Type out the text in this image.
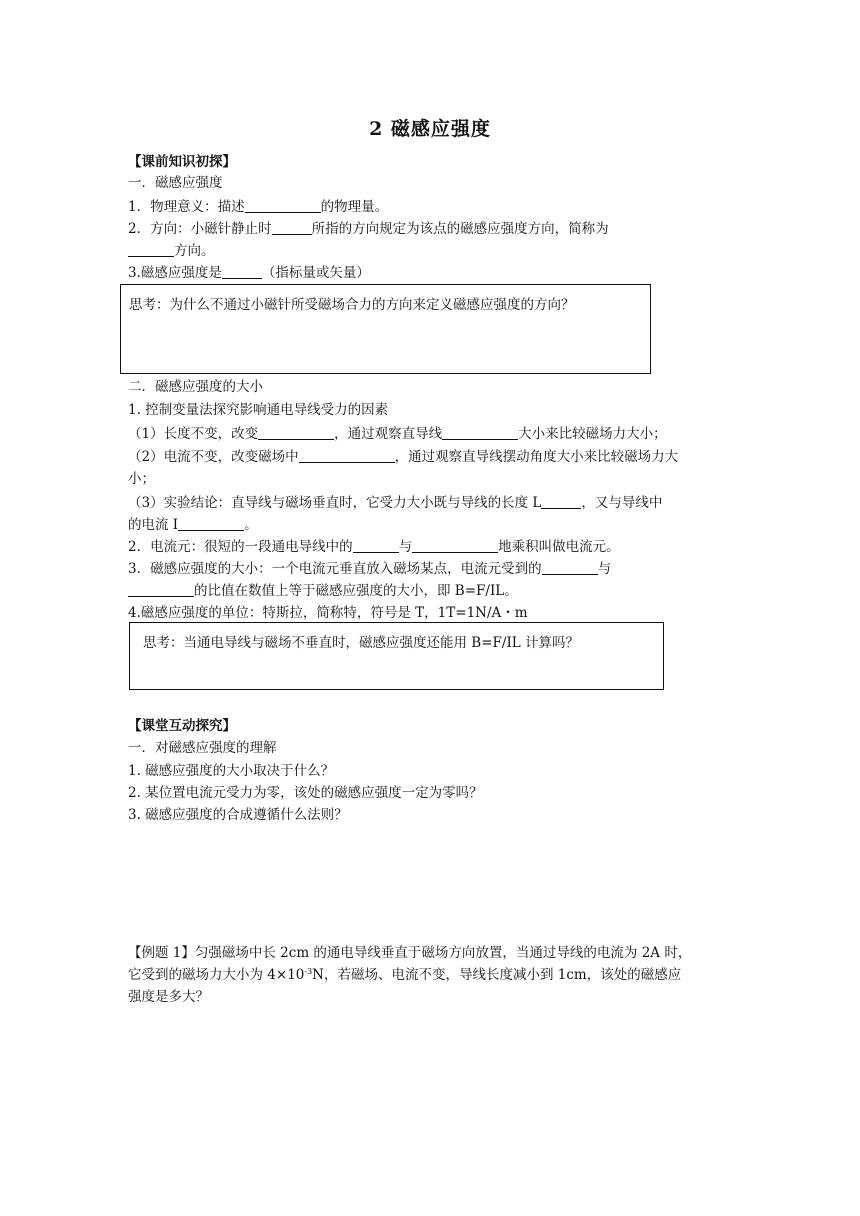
2 磁感应强度
【课前知识初探】
一．磁感应强度
1．物理意义：描述	的物理量。
2．方向：小磁针静止时	所指的方向规定为该点的磁感应强度方向，简称为
方向。
3.磁感应强度是	（指标量或矢量）
思考：为什么不通过小磁针所受磁场合力的方向来定义磁感应强度的方向？
二．磁感应强度的大小
1. 控制变量法探究影响通电导线受力的因素
（1）长度不变，改变	，通过观察直导线	大小来比较磁场力大小；
（2）电流不变，改变磁场中	，通过观察直导线摆动角度大小来比较磁场力大
小；
（3）实验结论：直导线与磁场垂直时，它受力大小既与导线的长度 L	，又与导线中
的电流 I	。
2．电流元：很短的一段通电导线中的	与	地乘积叫做电流元。
3．磁感应强度的大小：一个电流元垂直放入磁场某点，电流元受到的	与
的比值在数值上等于磁感应强度的大小，即 B=F/IL。
4.磁感应强度的单位：特斯拉，简称特，符号是 T，1T=1N/A・m
思考：当通电导线与磁场不垂直时，磁感应强度还能用 B=F/IL 计算吗？
【课堂互动探究】
一．对磁感应强度的理解
1. 磁感应强度的大小取决于什么？
2. 某位置电流元受力为零，该处的磁感应强度一定为零吗？
3. 磁感应强度的合成遵循什么法则？
【例题 1】匀强磁场中长 2cm 的通电导线垂直于磁场方向放置，当通过导线的电流为 2A 时，
它受到的磁场力大小为 $4\times 10^{-3}N$，若磁场、电流不变，导线长度减小到 1cm，该处的磁感应
强度是多大？
